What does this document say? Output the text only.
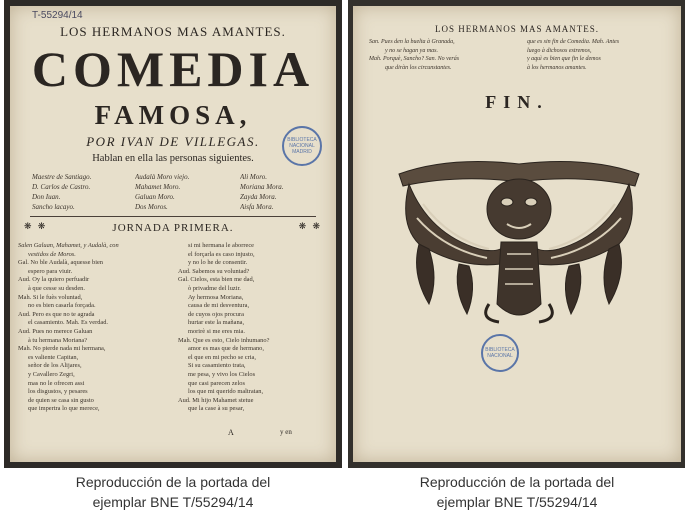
T-55294/14
LOS HERMANOS MAS AMANTES.
COMEDIA
FAMOSA,
POR IVAN DE VILLEGAS.	BIBLIOTECA NACIONAL MADRID
Hablan en ella las personas siguientes.
Maestre de Santiago.
D. Carlos de Castro.
Don Iuan.
Sancho lacayo.
Audalà Moro viejo.
Mahamet Moro.
Galuan Moro.
Dos Moros.
Ali Moro.
Moriana Mora.
Zayda Mora.
Aisfa Mora.
❋ ❋	JORNADA PRIMERA.	❋ ❋
Salen Galuan, Mahamet, y Audalà, con
vestidos de Moros.
Gal. No ble Audalà, aquesse bien
espero para viuir.
Aud. Oy la quiero perfuadir
à que cesse su desden.
Mah. Si le fuès voluntad,
no es bien casarla forçada.
Aud. Pero es que no te agrada
el casamiento. Mah. Es verdad.
Aud. Pues no merece Galuan
à tu hermana Moriana?
Mah. No pierde nada mi hermana,
es valiente Capitan,
señor de los Alijares,
y Cavallero Zegri,
mas no le ofrecen assi
los disgustos, y pesares
de quien se casa sin gusto
que impertra lo que merece,
si mi hermana le aborrece
el forçarla es caso injusto,
y no lo he de consentir.
Aud. Sabemos su voluntad?
Gal. Cielos, esta bien me dad,
ò privadme del luzir.
Ay hermosa Moriana,
causa de mi desventura,
de cuyos ojos procura
hurtar este la mañana,
morirè si me eres mia.
Mah. Que es esto, Cielo inhumano?
amor es mas que de hermano,
el que en mi pecho se cria,
Si su casamiento trata,
me pesa, y vivo los Cielos
que casi parecen zelos
los que mi querido maltratan,
Aud. Mi hijo Mahamet stetue
que la case à su pesar,
A	y en
LOS HERMANOS MAS AMANTES.
San. Pues den la buelta à Granada,
y no se hagan ya mas.
Mah. Porquè, Sancho? San. No verás
que diràn los circunstantes.
que es sin fin de Comedia. Mah. Antes
luego à dichosos estremos,
y aquì es bien que fin le demos
à los hermanos amantes.
FIN.
BIBLIOTECA NACIONAL
Reproducción de la portada del
ejemplar BNE T/55294/14
Reproducción de la portada del
ejemplar BNE T/55294/14
